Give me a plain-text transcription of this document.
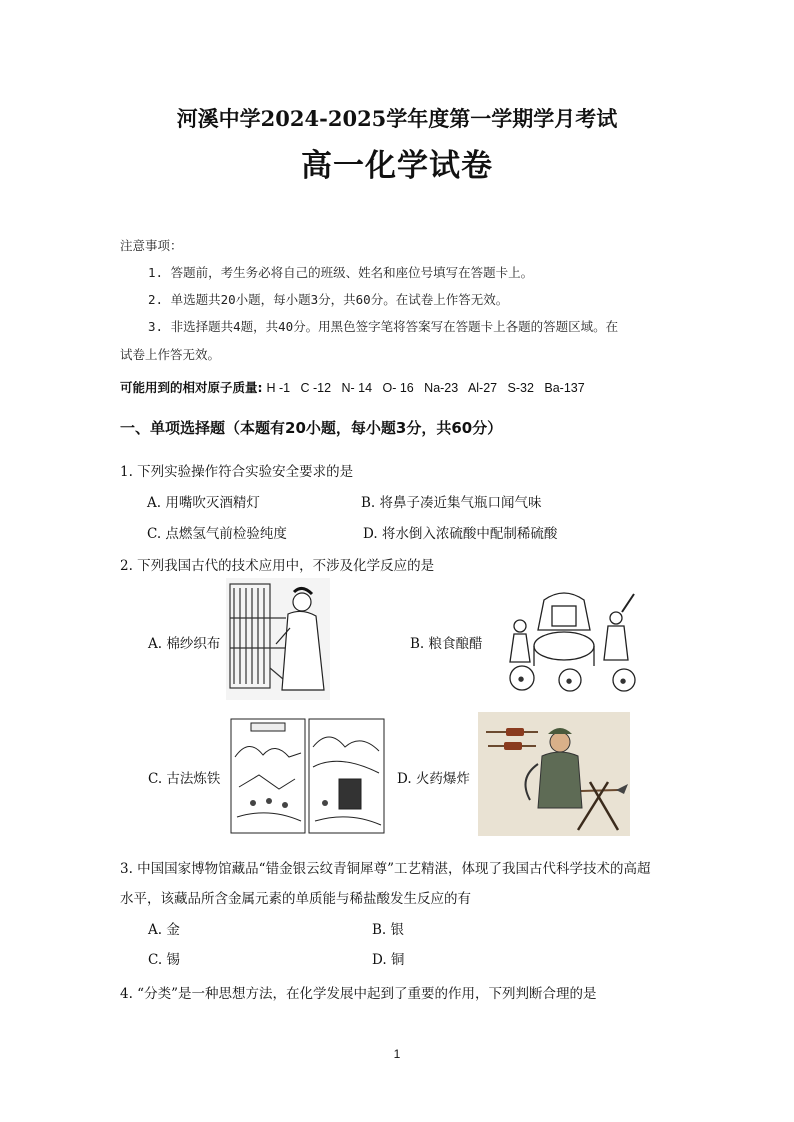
河溪中学2024-2025学年度第一学期学月考试
高一化学试卷
注意事项：
1. 答题前，考生务必将自己的班级、姓名和座位号填写在答题卡上。
2. 单选题共20小题，每小题3分，共60分。在试卷上作答无效。
3. 非选择题共4题，共40分。用黑色签字笔将答案写在答题卡上各题的答题区域。在
试卷上作答无效。
可能用到的相对原子质量: H -1   C -12   N- 14   O- 16   Na-23   Al-27   S-32   Ba-137
一、单项选择题（本题有20小题，每小题3分，共60分）
1. 下列实验操作符合实验安全要求的是
A. 用嘴吹灭酒精灯	B. 将鼻子凑近集气瓶口闻气味
C. 点燃氢气前检验纯度	D. 将水倒入浓硫酸中配制稀硫酸
2. 下列我国古代的技术应用中，不涉及化学反应的是
A. 棉纱织布	B. 粮食酿醋
●	●	●
C. 古法炼铁	D. 火药爆炸
3. 中国国家博物馆藏品“错金银云纹青铜犀尊”工艺精湛，体现了我国古代科学技术的高超
水平，该藏品所含金属元素的单质能与稀盐酸发生反应的有
A. 金	B. 银
C. 锡	D. 铜
4. “分类”是一种思想方法，在化学发展中起到了重要的作用，下列判断合理的是
1
